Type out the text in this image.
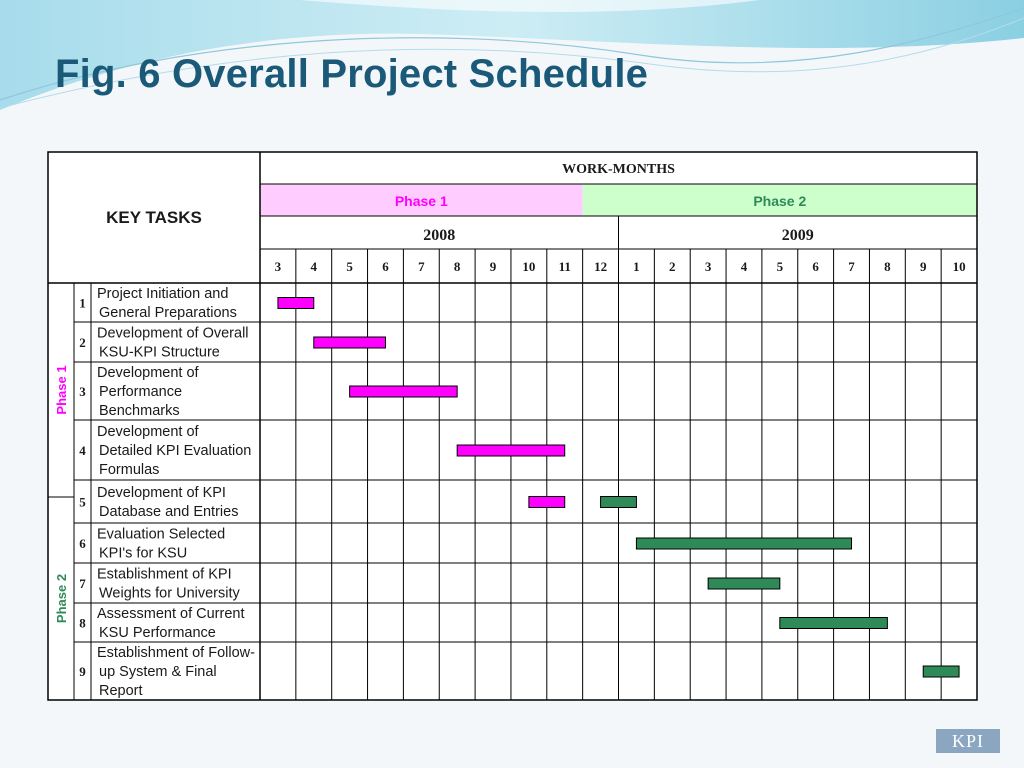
Fig. 6 Overall Project Schedule
KEY TASKS
WORK-MONTHS
Phase 1	Phase 2
2008	2009
3 4 5 6 7 8 9 10 11 12 1 2 3 4 5 6 7 8 9 10
Phase 1
Phase 2
1
Project Initiation and
General Preparations
2
Development of Overall
KSU-KPI Structure
3
Development of
Performance
Benchmarks
4
Development of
Detailed KPI Evaluation
Formulas
5
Development of KPI
Database and Entries
6
Evaluation Selected
KPI's for KSU
7
Establishment of KPI
Weights for University
8
Assessment of Current
KSU Performance
9
Establishment of Follow-
up System & Final
Report
KPI
